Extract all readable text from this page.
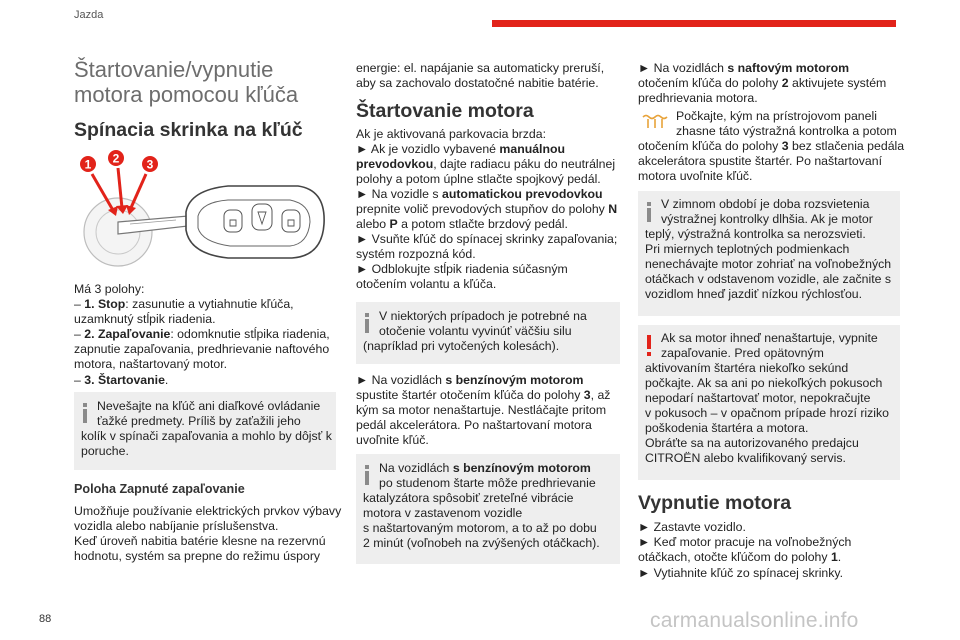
Jazda
Štartovanie/vypnutie
motora pomocou kľúča
Spínacia skrinka na kľúč
Má 3 polohy:
– 1. Stop: zasunutie a vytiahnutie kľúča,
uzamknutý stĺpik riadenia.
– 2. Zapaľovanie: odomknutie stĺpika riadenia,
zapnutie zapaľovania, predhrievanie naftového
motora, naštartovaný motor.
– 3. Štartovanie.
Nevešajte na kľúč ani diaľkové ovládanie
ťažké predmety. Príliš by zaťažili jeho
kolík v spínači zapaľovania a mohlo by dôjsť k
poruche.
Poloha Zapnuté zapaľovanie
Umožňuje používanie elektrických prvkov výbavy
vozidla alebo nabíjanie príslušenstva.
Keď úroveň nabitia batérie klesne na rezervnú
hodnotu, systém sa prepne do režimu úspory
1 2 3
energie: el. napájanie sa automaticky preruší,
aby sa zachovalo dostatočné nabitie batérie.
Štartovanie motora
Ak je aktivovaná parkovacia brzda:
► Ak je vozidlo vybavené manuálnou
prevodovkou, dajte radiacu páku do neutrálnej
polohy a potom úplne stlačte spojkový pedál.
► Na vozidle s automatickou prevodovkou
prepnite volič prevodových stupňov do polohy N
alebo P a potom stlačte brzdový pedál.
► Vsuňte kľúč do spínacej skrinky zapaľovania;
systém rozpozná kód.
► Odblokujte stĺpik riadenia súčasným
otočením volantu a kľúča.
V niektorých prípadoch je potrebné na
otočenie volantu vyvinúť väčšiu silu
(napríklad pri vytočených kolesách).
► Na vozidlách s benzínovým motorom
spustite štartér otočením kľúča do polohy 3, až
kým sa motor nenaštartuje. Nestláčajte pritom
pedál akcelerátora. Po naštartovaní motora
uvoľnite kľúč.
Na vozidlách s benzínovým motorom
po studenom štarte môže predhrievanie
katalyzátora spôsobiť zreteľné vibrácie
motora v zastavenom vozidle
s naštartovaným motorom, a to až po dobu
2 minút (voľnobeh na zvýšených otáčkach).
► Na vozidlách s naftovým motorom
otočením kľúča do polohy 2 aktivujete systém
predhrievania motora.
Počkajte, kým na prístrojovom paneli
zhasne táto výstražná kontrolka a potom
otočením kľúča do polohy 3 bez stlačenia pedála
akcelerátora spustite štartér. Po naštartovaní
motora uvoľnite kľúč.
V zimnom období je doba rozsvietenia
výstražnej kontrolky dlhšia. Ak je motor
teplý, výstražná kontrolka sa nerozsvieti.
Pri miernych teplotných podmienkach
nenechávajte motor zohriať na voľnobežných
otáčkach v odstavenom vozidle, ale začnite s
vozidlom hneď jazdiť nízkou rýchlosťou.
Ak sa motor ihneď nenaštartuje, vypnite
zapaľovanie. Pred opätovným
aktivovaním štartéra niekoľko sekúnd
počkajte. Ak sa ani po niekoľkých pokusoch
nepodarí naštartovať motor, nepokračujte
v pokusoch – v opačnom prípade hrozí riziko
poškodenia štartéra a motora.
Obráťte sa na autorizovaného predajcu
CITROËN alebo kvalifikovaný servis.
Vypnutie motora
► Zastavte vozidlo.
► Keď motor pracuje na voľnobežných
otáčkach, otočte kľúčom do polohy 1.
► Vytiahnite kľúč zo spínacej skrinky.
88	carmanualsonline.info
